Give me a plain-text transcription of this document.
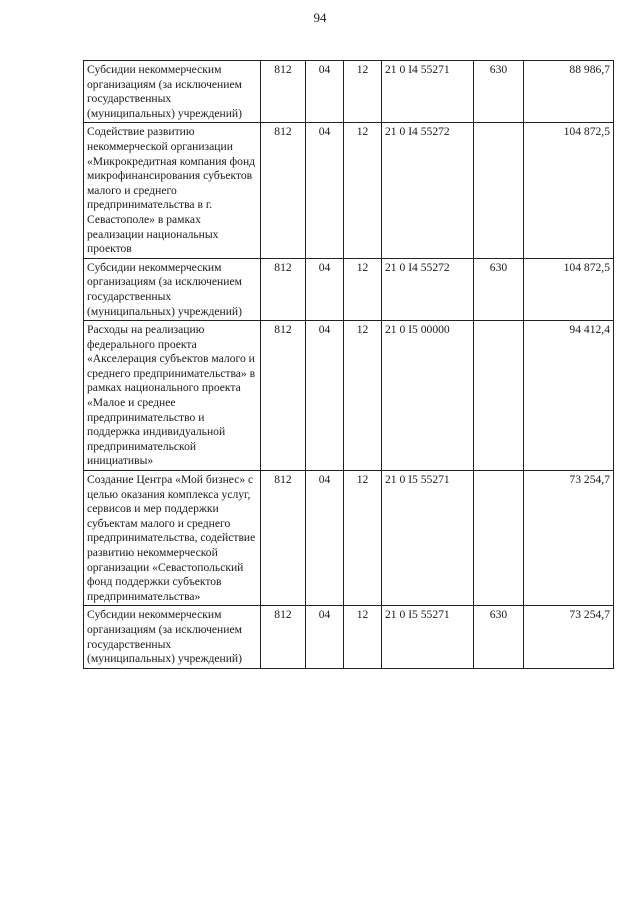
94
Субсидии некоммерческим организациям (за исключением государственных (муниципальных) учреждений)	812	04	12	21 0 I4 55271	630	88 986,7
Содействие развитию некоммерческой организации «Микрокредитная компания фонд микрофинансирования субъектов малого и среднего предпринимательства в г. Севастополе» в рамках реализации национальных проектов	812	04	12	21 0 I4 55272		104 872,5
Субсидии некоммерческим организациям (за исключением государственных (муниципальных) учреждений)	812	04	12	21 0 I4 55272	630	104 872,5
Расходы на реализацию федерального проекта «Акселерация субъектов малого и среднего предпринимательства» в рамках национального проекта «Малое и среднее предпринимательство и поддержка индивидуальной предпринимательской инициативы»	812	04	12	21 0 I5 00000		94 412,4
Создание Центра «Мой бизнес» с целью оказания комплекса услуг, сервисов и мер поддержки субъектам малого и среднего предпринимательства, содействие развитию некоммерческой организации «Севастопольский фонд поддержки субъектов предпринимательства»	812	04	12	21 0 I5 55271		73 254,7
Субсидии некоммерческим организациям (за исключением государственных (муниципальных) учреждений)	812	04	12	21 0 I5 55271	630	73 254,7
